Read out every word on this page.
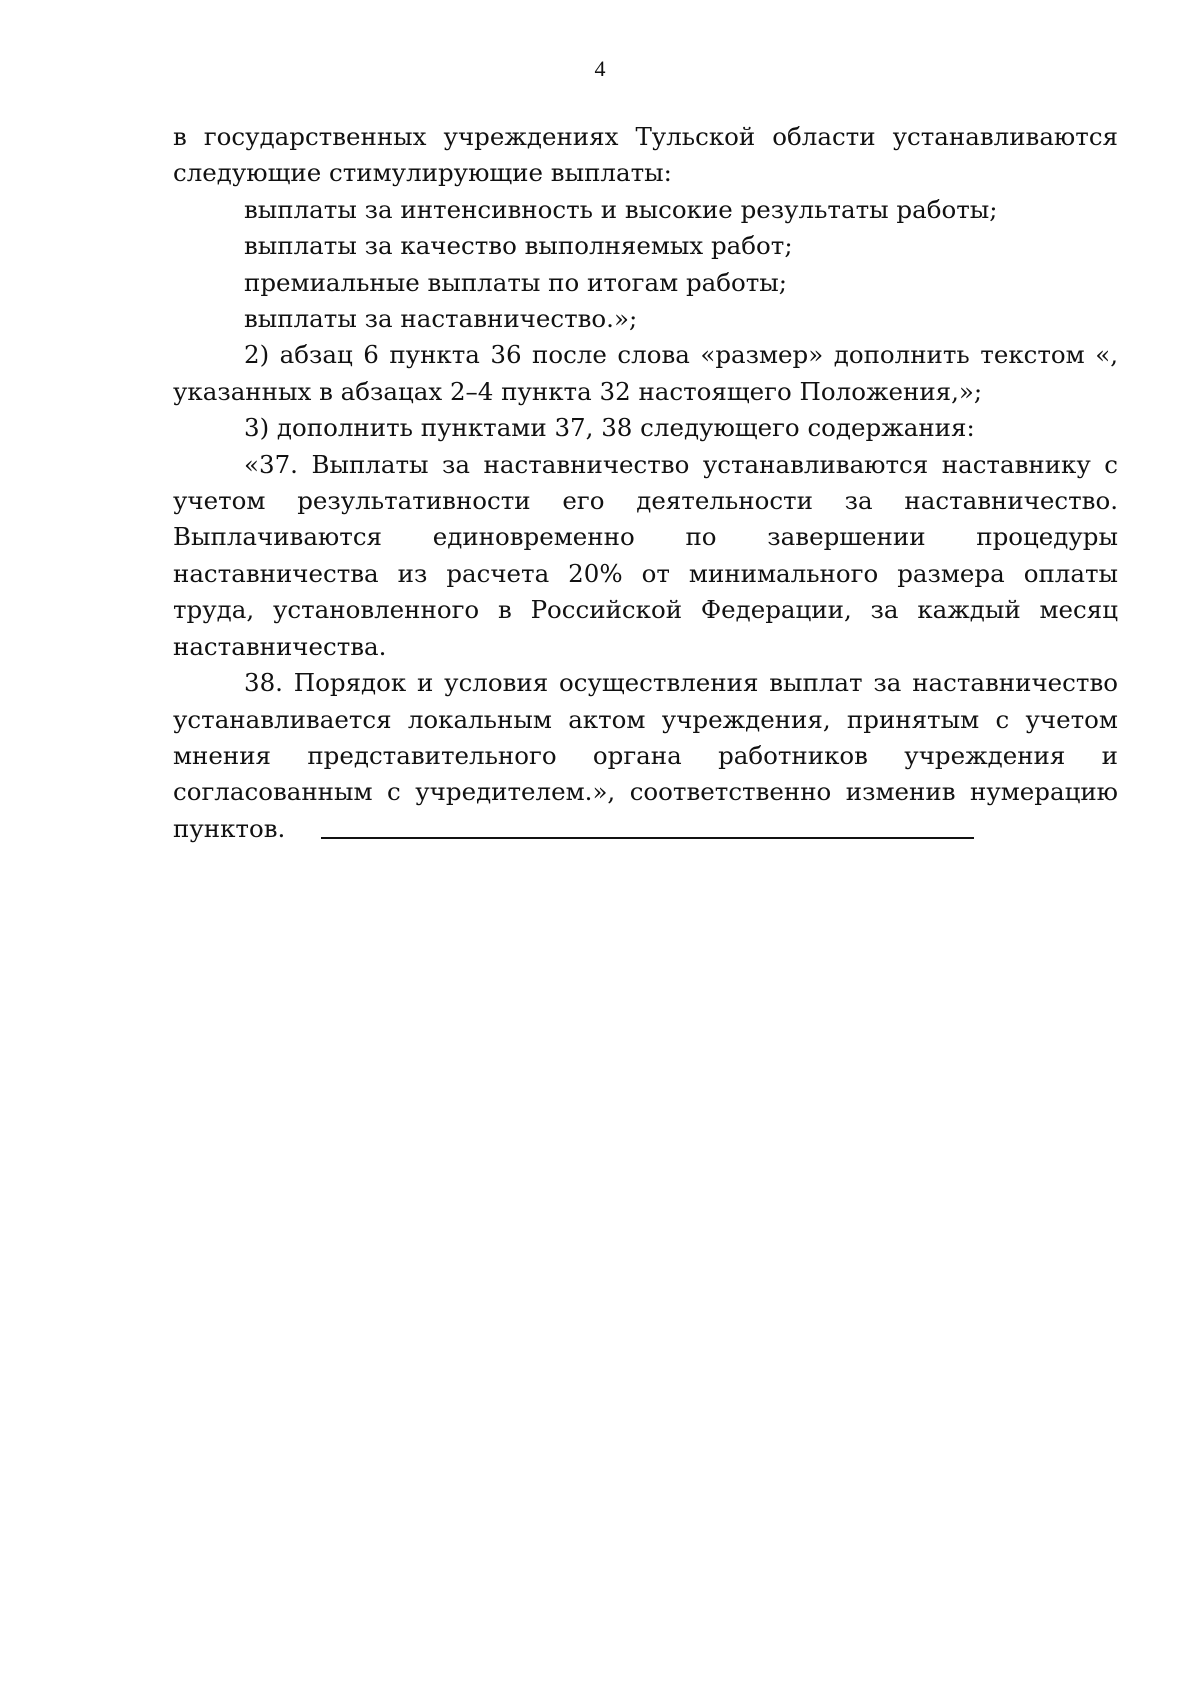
4

в государственных учреждениях Тульской области устанавливаются следующие стимулирующие выплаты:

выплаты за интенсивность и высокие результаты работы;

выплаты за качество выполняемых работ;

премиальные выплаты по итогам работы;

выплаты за наставничество.»;

2) абзац 6 пункта 36 после слова «размер» дополнить текстом «, указанных в абзацах 2–4 пункта 32 настоящего Положения,»;

3) дополнить пунктами 37, 38 следующего содержания:

«37. Выплаты за наставничество устанавливаются наставнику с учетом результативности его деятельности за наставничество. Выплачиваются единовременно по завершении процедуры наставничества из расчета 20% от минимального размера оплаты труда, установленного в Российской Федерации, за каждый месяц наставничества.

38. Порядок и условия осуществления выплат за наставничество устанавливается локальным актом учреждения, принятым с учетом мнения представительного органа работников учреждения и согласованным с учредителем.», соответственно изменив нумерацию пунктов.
